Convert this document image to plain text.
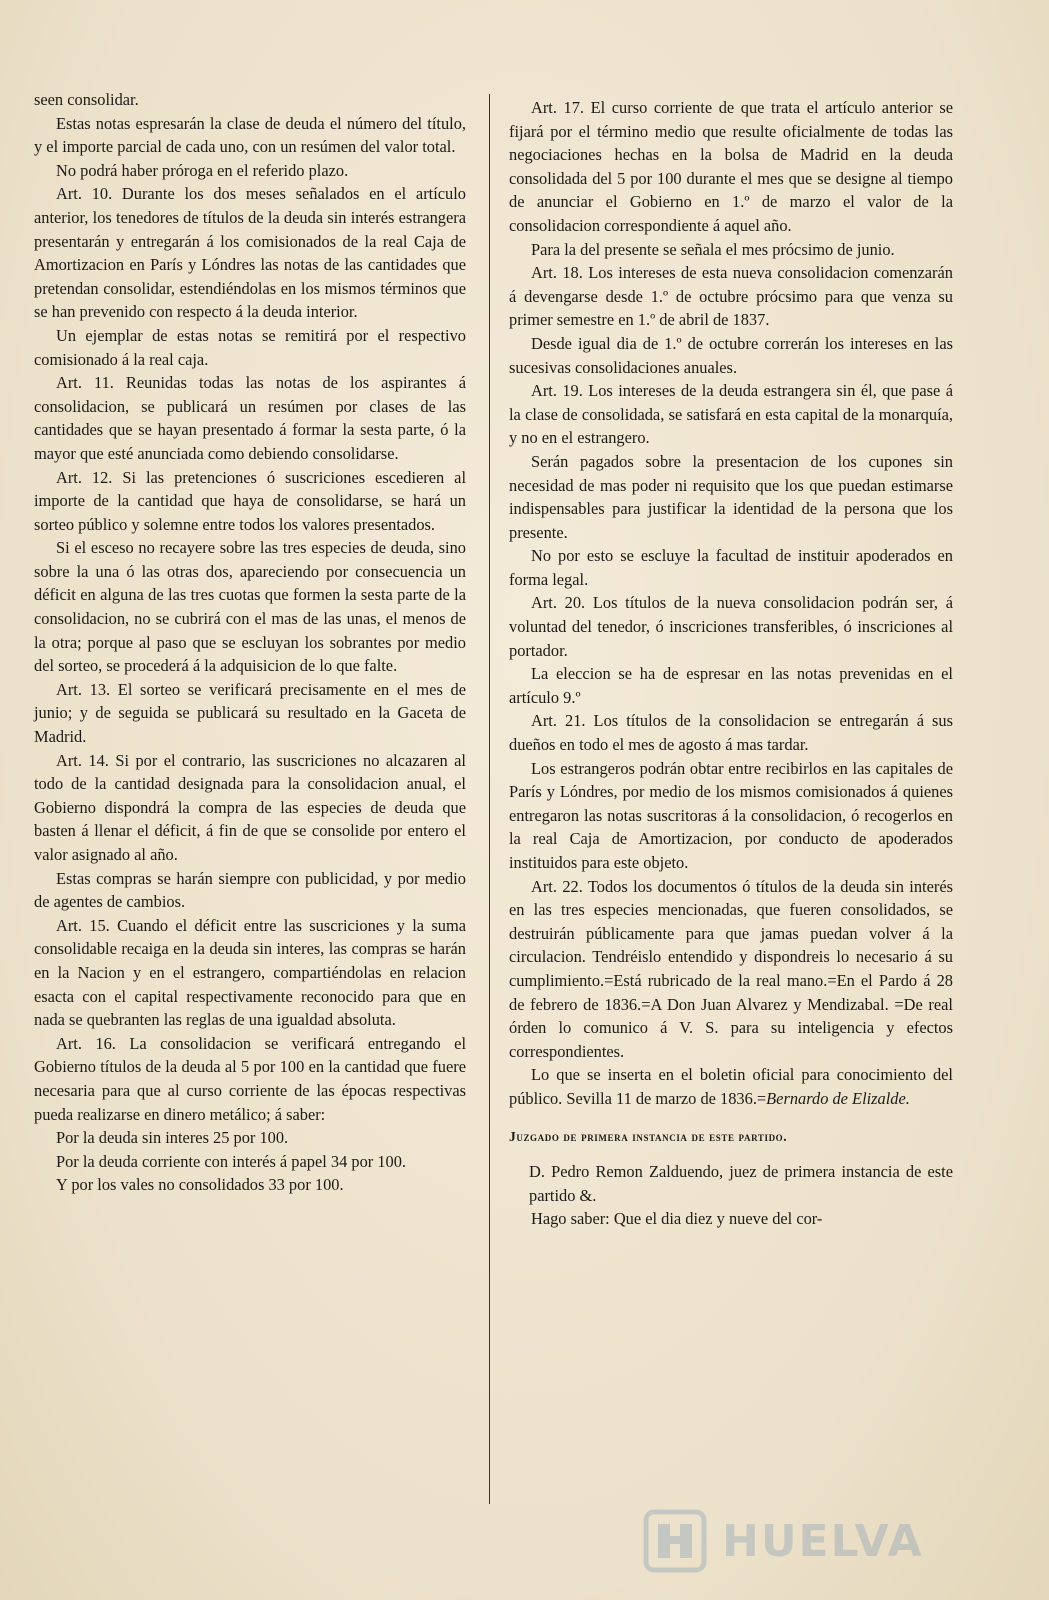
seen consolidar.

Estas notas espresarán la clase de deuda el número del título, y el importe parcial de cada uno, con un resúmen del valor total.

No podrá haber próroga en el referido plazo.

Art. 10. Durante los dos meses señalados en el artículo anterior, los tenedores de títulos de la deuda sin interés estrangera presentarán y entregarán á los comisionados de la real Caja de Amortizacion en París y Lóndres las notas de las cantidades que pretendan consolidar, estendiéndolas en los mismos términos que se han prevenido con respecto á la deuda interior.

Un ejemplar de estas notas se remitirá por el respectivo comisionado á la real caja.

Art. 11. Reunidas todas las notas de los aspirantes á consolidacion, se publicará un resúmen por clases de las cantidades que se hayan presentado á formar la sesta parte, ó la mayor que esté anunciada como debiendo consolidarse.

Art. 12. Si las pretenciones ó suscriciones escedieren al importe de la cantidad que haya de consolidarse, se hará un sorteo público y solemne entre todos los valores presentados.

Si el esceso no recayere sobre las tres especies de deuda, sino sobre la una ó las otras dos, apareciendo por consecuencia un déficit en alguna de las tres cuotas que formen la sesta parte de la consolidacion, no se cubrirá con el mas de las unas, el menos de la otra; porque al paso que se escluyan los sobrantes por medio del sorteo, se procederá á la adquisicion de lo que falte.

Art. 13. El sorteo se verificará precisamente en el mes de junio; y de seguida se publicará su resultado en la Gaceta de Madrid.

Art. 14. Si por el contrario, las suscriciones no alcazaren al todo de la cantidad designada para la consolidacion anual, el Gobierno dispondrá la compra de las especies de deuda que basten á llenar el déficit, á fin de que se consolide por entero el valor asignado al año.

Estas compras se harán siempre con publicidad, y por medio de agentes de cambios.

Art. 15. Cuando el déficit entre las suscriciones y la suma consolidable recaiga en la deuda sin interes, las compras se harán en la Nacion y en el estrangero, compartiéndolas en relacion esacta con el capital respectivamente reconocido para que en nada se quebranten las reglas de una igualdad absoluta.

Art. 16. La consolidacion se verificará entregando el Gobierno títulos de la deuda al 5 por 100 en la cantidad que fuere necesaria para que al curso corriente de las épocas respectivas pueda realizarse en dinero metálico; á saber:

Por la deuda sin interes 25 por 100.

Por la deuda corriente con interés á papel 34 por 100.

Y por los vales no consolidados 33 por 100.

Art. 17. El curso corriente de que trata el artículo anterior se fijará por el término medio que resulte oficialmente de todas las negociaciones hechas en la bolsa de Madrid en la deuda consolidada del 5 por 100 durante el mes que se designe al tiempo de anunciar el Gobierno en 1.º de marzo el valor de la consolidacion correspondiente á aquel año.

Para la del presente se señala el mes prócsimo de junio.

Art. 18. Los intereses de esta nueva consolidacion comenzarán á devengarse desde 1.º de octubre prócsimo para que venza su primer semestre en 1.º de abril de 1837.

Desde igual dia de 1.º de octubre correrán los intereses en las sucesivas consolidaciones anuales.

Art. 19. Los intereses de la deuda estrangera sin él, que pase á la clase de consolidada, se satisfará en esta capital de la monarquía, y no en el estrangero.

Serán pagados sobre la presentacion de los cupones sin necesidad de mas poder ni requisito que los que puedan estimarse indispensables para justificar la identidad de la persona que los presente.

No por esto se escluye la facultad de instituir apoderados en forma legal.

Art. 20. Los títulos de la nueva consolidacion podrán ser, á voluntad del tenedor, ó inscriciones transferibles, ó inscriciones al portador.

La eleccion se ha de espresar en las notas prevenidas en el artículo 9.º

Art. 21. Los títulos de la consolidacion se entregarán á sus dueños en todo el mes de agosto á mas tardar.

Los estrangeros podrán obtar entre recibirlos en las capitales de París y Lóndres, por medio de los mismos comisionados á quienes entregaron las notas suscritoras á la consolidacion, ó recogerlos en la real Caja de Amortizacion, por conducto de apoderados instituidos para este objeto.

Art. 22. Todos los documentos ó títulos de la deuda sin interés en las tres especies mencionadas, que fueren consolidados, se destruirán públicamente para que jamas puedan volver á la circulacion. Tendréislo entendido y dispondreis lo necesario á su cumplimiento.=Está rubricado de la real mano.=En el Pardo á 28 de febrero de 1836.=A Don Juan Alvarez y Mendizabal. =De real órden lo comunico á V. S. para su inteligencia y efectos correspondientes.

Lo que se inserta en el boletin oficial para conocimiento del público. Sevilla 11 de marzo de 1836.=Bernardo de Elizalde.

Juzgado de primera instancia de este partido.

D. Pedro Remon Zalduendo, juez de primera instancia de este partido &.

Hago saber: Que el dia diez y nueve del cor-

HUELVA
